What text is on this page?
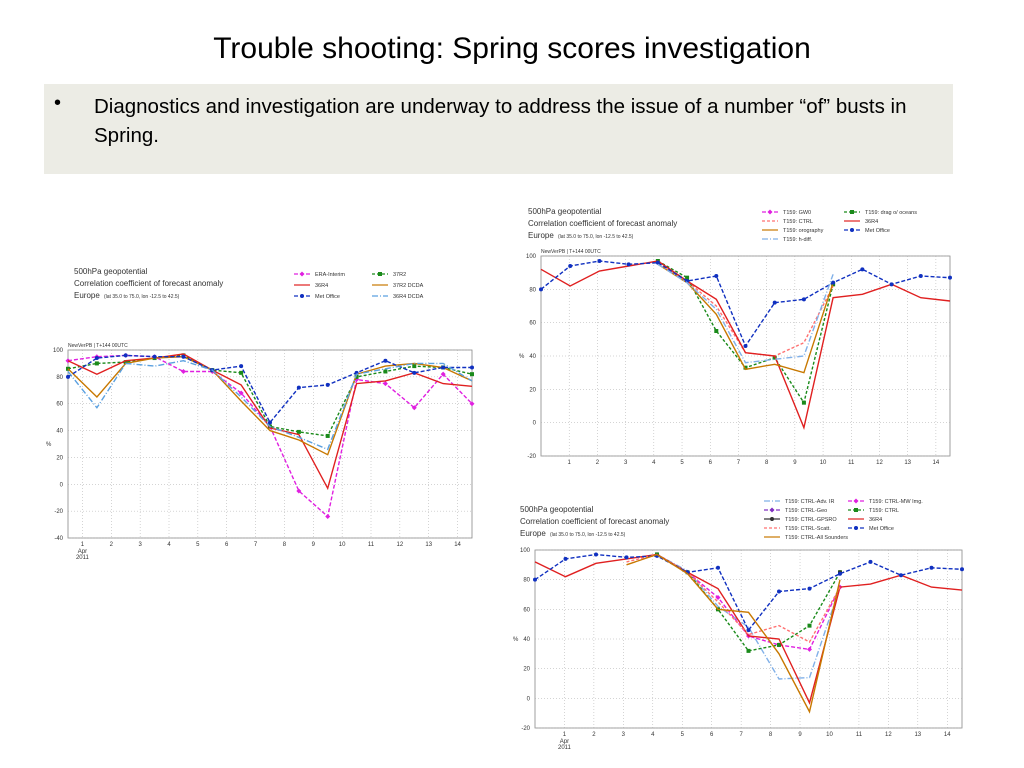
Trouble shooting: Spring scores investigation
• Diagnostics and investigation are underway to address the issue of a number “of” busts in Spring.
500hPa geopotential
Correlation coefficient of forecast anomaly
Europe (lat 35.0 to 75.0, lon -12.5 to 42.5)
NewVerPB | T+144 00UTC
-40
-20
0
20
40
60
80
100
%
1	2	3	4	5	6	7	8	9	10	11	12	13	14
Apr
2011
ERA-Interim	37R2
36R4	37R2 DCDA
Met Office	36R4 DCDA
500hPa geopotential
Correlation coefficient of forecast anomaly
Europe (lat 35.0 to 75.0, lon -12.5 to 42.5)
NewVerPB | T+144 00UTC
-20
0
20
40
60
80
100
%
1	2	3	4	5	6	7	8	9	10	11	12	13	14
T159: GW0	T159: drag o/ oceans
T159: CTRL	36R4
T159: orography	Met Office
T159: h-diff.
500hPa geopotential
Correlation coefficient of forecast anomaly
Europe (lat 35.0 to 75.0, lon -12.5 to 42.5)
-20
0
20
40
60
80
100
%
1	2	3	4	5	6	7	8	9	10	11	12	13	14
Apr
2011
T159: CTRL-Adv. IR	T159: CTRL-MW Img.
T159: CTRL-Geo	T159: CTRL
T159: CTRL-GPSRO	36R4
T159: CTRL-Scatt.	Met Office
T159: CTRL-All Sounders
